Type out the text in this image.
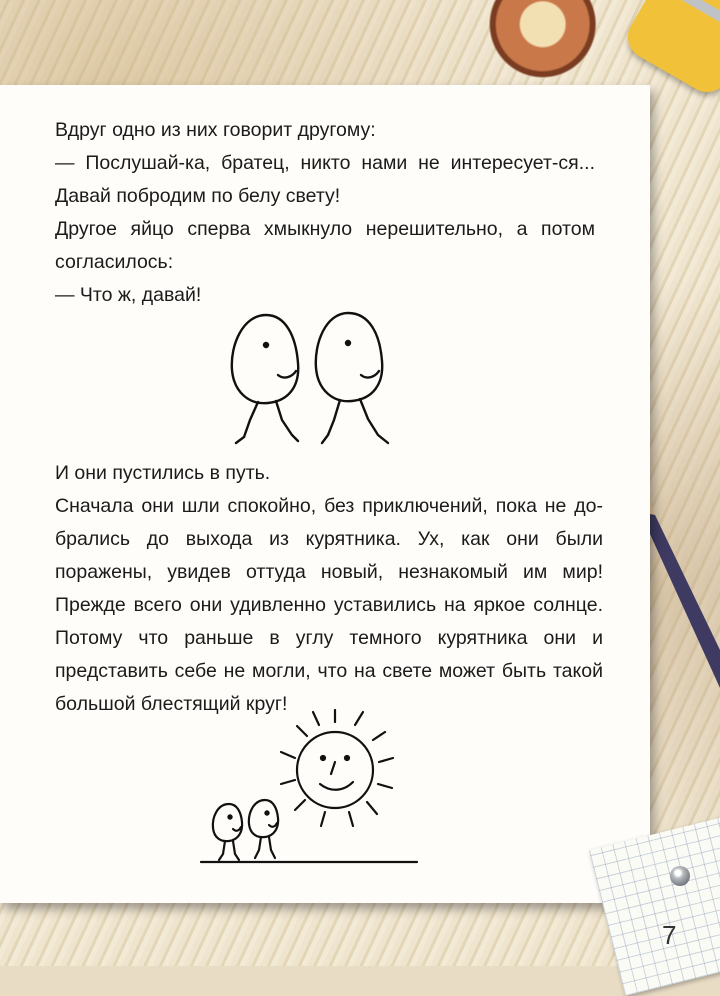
Вдруг одно из них говорит другому:

— Послушай-ка, братец, никто нами не интересует-ся... Давай побродим по белу свету!

Другое яйцо сперва хмыкнуло нерешительно, а потом согласилось:

— Что ж, давай!

И они пустились в путь.

Сначала они шли спокойно, без приключений, пока не до-брались до выхода из курятника. Ух, как они были поражены, увидев оттуда новый, незнакомый им мир! Прежде всего они удивленно уставились на яркое солнце. Потому что раньше в углу темного курятника они и представить себе не могли, что на свете может быть такой большой блестящий круг!

7
